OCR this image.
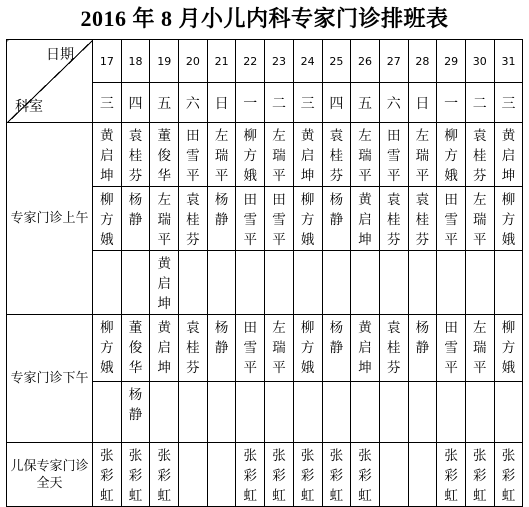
2016 年 8 月小儿内科专家门诊排班表
日期
科室	17	18	19	20	21	22	23	24	25	26	27	28	29	30	31
	三	四	五	六	日	一	二	三	四	五	六	日	一	二	三
专家门诊上午	黄
启
坤	袁
桂
芬	董
俊
华	田
雪
平	左
瑞
平	柳
方
娥	左
瑞
平	黄
启
坤	袁
桂
芬	左
瑞
平	田
雪
平	左
瑞
平	柳
方
娥	袁
桂
芬	黄
启
坤

	柳
方
娥	杨
静	左
瑞
平	袁
桂
芬	杨
静	田
雪
平	田
雪
平	柳
方
娥	杨
静	黄
启
坤	袁
桂
芬	袁
桂
芬	田
雪
平	左
瑞
平	柳
方
娥

			黄
启
坤												

专家门诊下午	柳
方
娥	董
俊
华	黄
启
坤	袁
桂
芬	杨
静	田
雪
平	左
瑞
平	柳
方
娥	杨
静	黄
启
坤	袁
桂
芬	杨
静	田
雪
平	左
瑞
平	柳
方
娥

		杨
静													

儿保专家门诊全天	张
彩
虹	张
彩
虹	张
彩
虹			张
彩
虹	张
彩
虹	张
彩
虹	张
彩
虹	张
彩
虹			张
彩
虹	张
彩
虹	张
彩
虹
